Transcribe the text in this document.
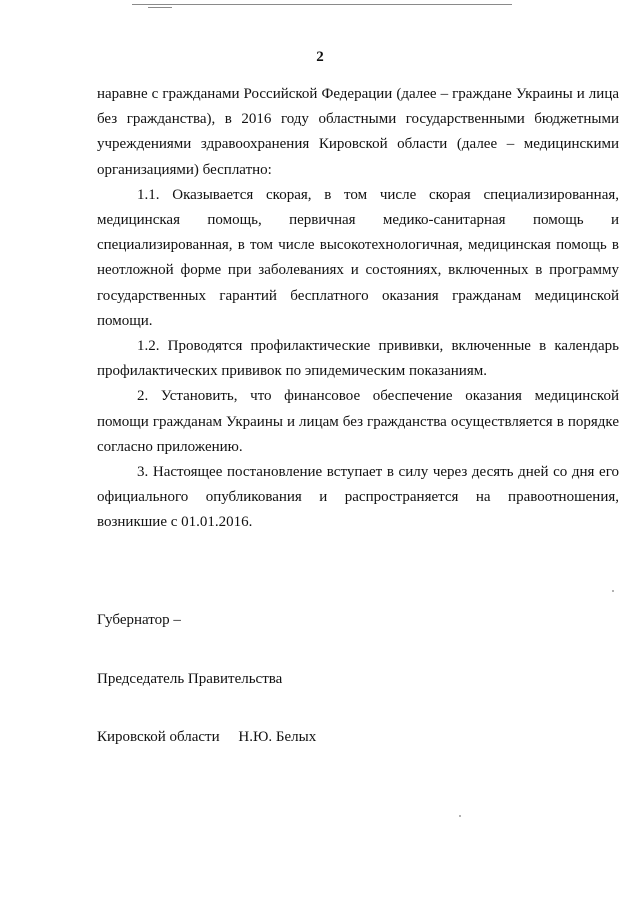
2

наравне с гражданами Российской Федерации (далее – граждане Украины и лица без гражданства), в 2016 году областными государственными бюджетными учреждениями здравоохранения Кировской области (далее – медицинскими организациями) бесплатно:

1.1. Оказывается скорая, в том числе скорая специализированная, медицинская помощь, первичная медико-санитарная помощь и специализированная, в том числе высокотехнологичная, медицинская помощь в неотложной форме при заболеваниях и состояниях, включенных в программу государственных гарантий бесплатного оказания гражданам медицинской помощи.

1.2. Проводятся профилактические прививки, включенные в календарь профилактических прививок по эпидемическим показаниям.

2. Установить, что финансовое обеспечение оказания медицинской помощи гражданам Украины и лицам без гражданства осуществляется в порядке согласно приложению.

3. Настоящее постановление вступает в силу через десять дней со дня его официального опубликования и распространяется на правоотношения, возникшие с 01.01.2016.

Губернатор –

Председатель Правительства

Кировской области     Н.Ю. Белых
